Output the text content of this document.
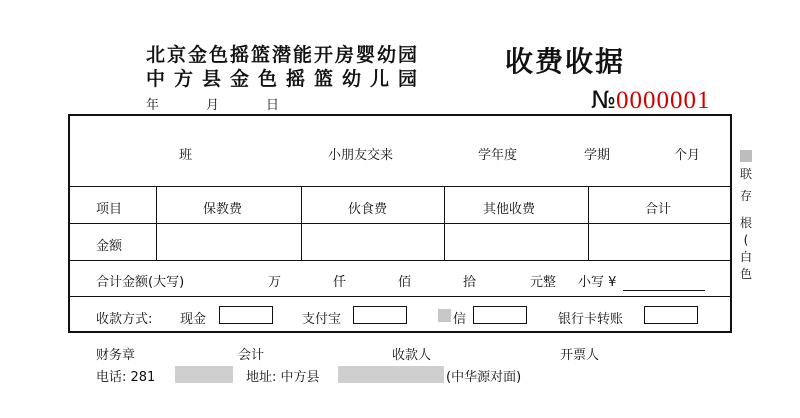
北京金色摇篮潜能开房婴幼园
中方县金色摇篮幼儿园
收费收据
年	月	日	№0000001
班	小朋友交来	学年度	学期	个月
项目	保教费	伙食费	其他收费	合计
金额
合计金额(大写)	万	仟	佰	拾	元整 小写 ¥
收款方式: 现金	支付宝	信	银行卡转账
联
存
根
(
白
色
财务章	会计	收款人	开票人
电话: 281	地址: 中方县	(中华源对面)
